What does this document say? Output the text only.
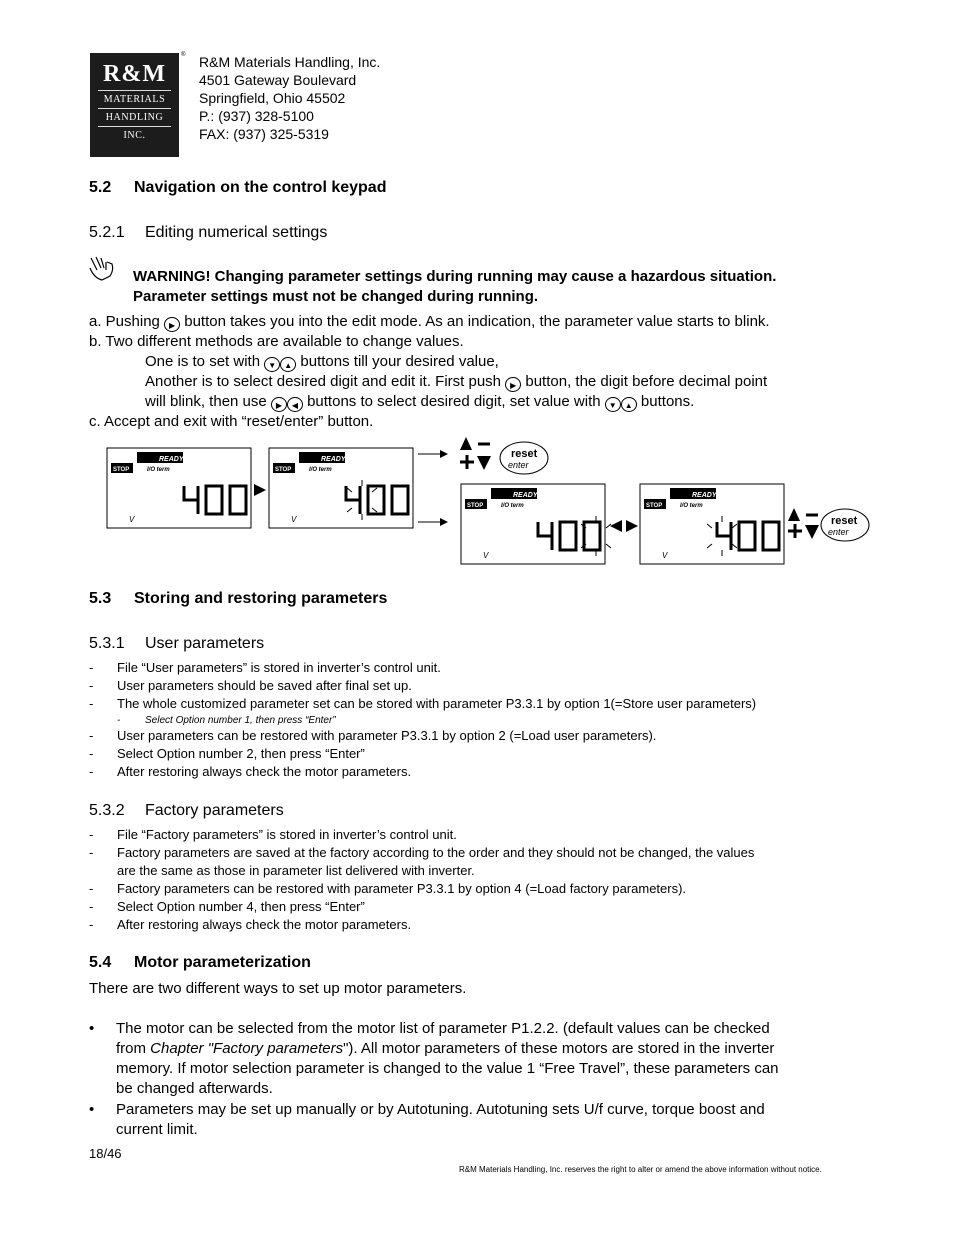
R&M
MATERIALS
HANDLING
INC.
® R&M Materials Handling, Inc.
4501 Gateway Boulevard
Springfield, Ohio 45502
P.: (937) 328-5100
FAX: (937) 325-5319
5.2 Navigation on the control keypad
5.2.1 Editing numerical settings
WARNING! Changing parameter settings during running may cause a hazardous situation.
Parameter settings must not be changed during running.
a. Pushing ▶ button takes you into the edit mode. As an indication, the parameter value starts to blink.
b. Two different methods are available to change values.
One is to set with ▼ ▲ buttons till your desired value,
Another is to select desired digit and edit it. First push ▶ button, the digit before decimal point
will blink, then use ▶ ◀ buttons to select desired digit, set value with ▼ ▲ buttons.
c. Accept and exit with “reset/enter” button.
READY
reset
enter
reset
enter
5.3 Storing and restoring parameters
5.3.1 User parameters
- File “User parameters” is stored in inverter’s control unit.
- User parameters should be saved after final set up.
- The whole customized parameter set can be stored with parameter P3.3.1 by option 1(=Store user parameters)
- Select Option number 1, then press “Enter”
- User parameters can be restored with parameter P3.3.1 by option 2 (=Load user parameters).
- Select Option number 2, then press “Enter”
- After restoring always check the motor parameters.
5.3.2 Factory parameters
- File “Factory parameters” is stored in inverter’s control unit.
- Factory parameters are saved at the factory according to the order and they should not be changed, the values
are the same as those in parameter list delivered with inverter.
- Factory parameters can be restored with parameter P3.3.1 by option 4 (=Load factory parameters).
- Select Option number 4, then press “Enter”
- After restoring always check the motor parameters.
5.4 Motor parameterization
There are two different ways to set up motor parameters.
• The motor can be selected from the motor list of parameter P1.2.2. (default values can be checked
from Chapter "Factory parameters"). All motor parameters of these motors are stored in the inverter
memory. If motor selection parameter is changed to the value 1 “Free Travel”, these parameters can
be changed afterwards.
• Parameters may be set up manually or by Autotuning. Autotuning sets U/f curve, torque boost and
current limit.
18/46
R&M Materials Handling, Inc. reserves the right to alter or amend the above information without notice.
